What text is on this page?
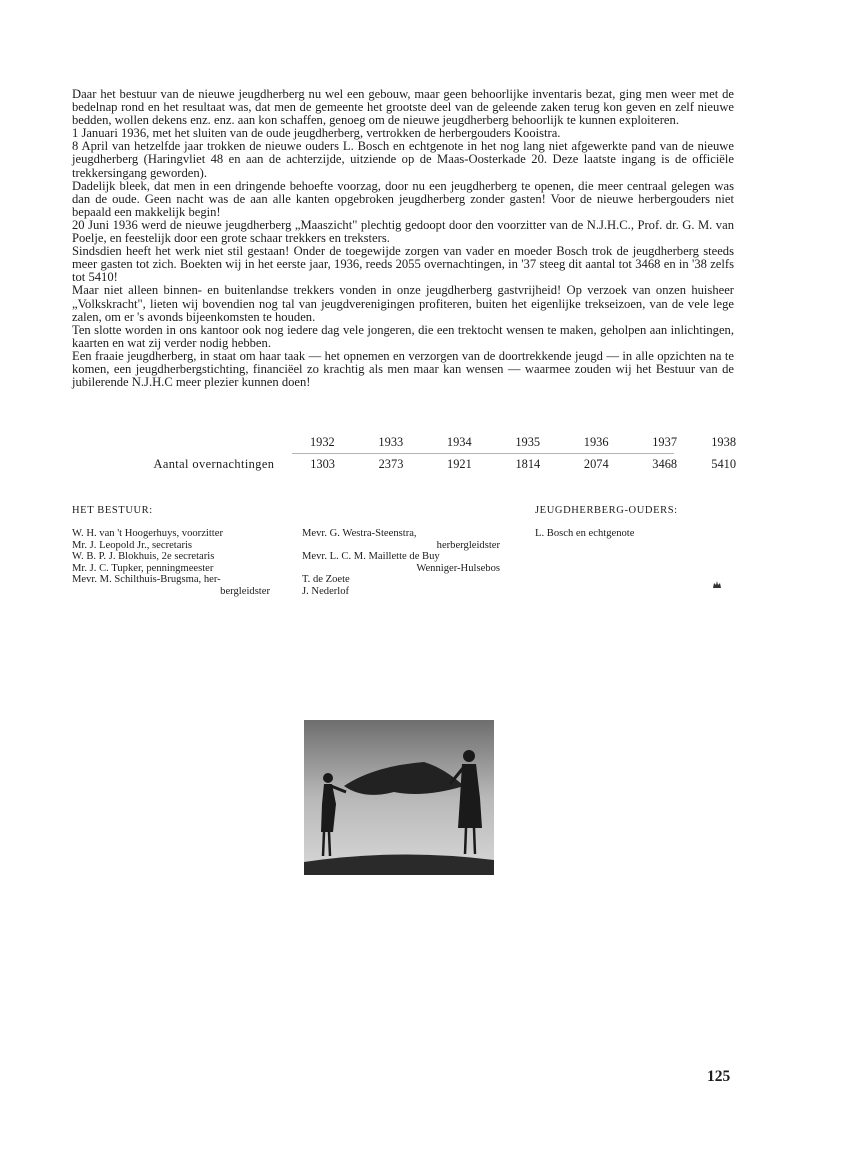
Daar het bestuur van de nieuwe jeugdherberg nu wel een gebouw, maar geen behoorlijke inventaris bezat, ging men weer met de bedelnap rond en het resultaat was, dat men de gemeente het grootste deel van de geleende zaken terug kon geven en zelf nieuwe bedden, wollen dekens enz. enz. aan kon schaffen, genoeg om de nieuwe jeugdherberg behoorlijk te kunnen exploiteren.

1 Januari 1936, met het sluiten van de oude jeugdherberg, vertrokken de herbergouders Kooistra.

8 April van hetzelfde jaar trokken de nieuwe ouders L. Bosch en echtgenote in het nog lang niet afgewerkte pand van de nieuwe jeugdherberg (Haringvliet 48 en aan de achterzijde, uitziende op de Maas-Oosterkade 20. Deze laatste ingang is de officiële trekkersingang geworden).

Dadelijk bleek, dat men in een dringende behoefte voorzag, door nu een jeugdherberg te openen, die meer centraal gelegen was dan de oude. Geen nacht was de aan alle kanten opgebroken jeugdherberg zonder gasten! Voor de nieuwe herbergouders niet bepaald een makkelijk begin!

20 Juni 1936 werd de nieuwe jeugdherberg „Maaszicht" plechtig gedoopt door den voorzitter van de N.J.H.C., Prof. dr. G. M. van Poelje, en feestelijk door een grote schaar trekkers en treksters.

Sindsdien heeft het werk niet stil gestaan! Onder de toegewijde zorgen van vader en moeder Bosch trok de jeugdherberg steeds meer gasten tot zich. Boekten wij in het eerste jaar, 1936, reeds 2055 overnachtingen, in '37 steeg dit aantal tot 3468 en in '38 zelfs tot 5410!

Maar niet alleen binnen- en buitenlandse trekkers vonden in onze jeugdherberg gastvrijheid! Op verzoek van onzen huisheer „Volkskracht", lieten wij bovendien nog tal van jeugdverenigingen profiteren, buiten het eigenlijke trekseizoen, van de vele lege zalen, om er 's avonds bijeenkomsten te houden.

Ten slotte worden in ons kantoor ook nog iedere dag vele jongeren, die een trektocht wensen te maken, geholpen aan inlichtingen, kaarten en wat zij verder nodig hebben.

Een fraaie jeugdherberg, in staat om haar taak — het opnemen en verzorgen van de doortrekkende jeugd — in alle opzichten na te komen, een jeugdherbergstichting, financiëel zo krachtig als men maar kan wensen — waarmee zouden wij het Bestuur van de jubilerende N.J.H.C meer plezier kunnen doen!

1932	1933	1934	1935	1936	1937	1938
Aantal overnachtingen	1303	2373	1921	1814	2074	3468	5410
HET BESTUUR:	JEUGDHERBERG-OUDERS:
W. H. van 't Hoogerhuys, voorzitter
Mr. J. Leopold Jr., secretaris
W. B. P. J. Blokhuis, 2e secretaris
Mr. J. C. Tupker, penningmeester
Mevr. M. Schilthuis-Brugsma, her-
bergleidster
Mevr. G. Westra-Steenstra,
herbergleidster
Mevr. L. C. M. Maillette de Buy
Wenniger-Hulsebos
T. de Zoete
J. Nederlof
L. Bosch en echtgenote
125
